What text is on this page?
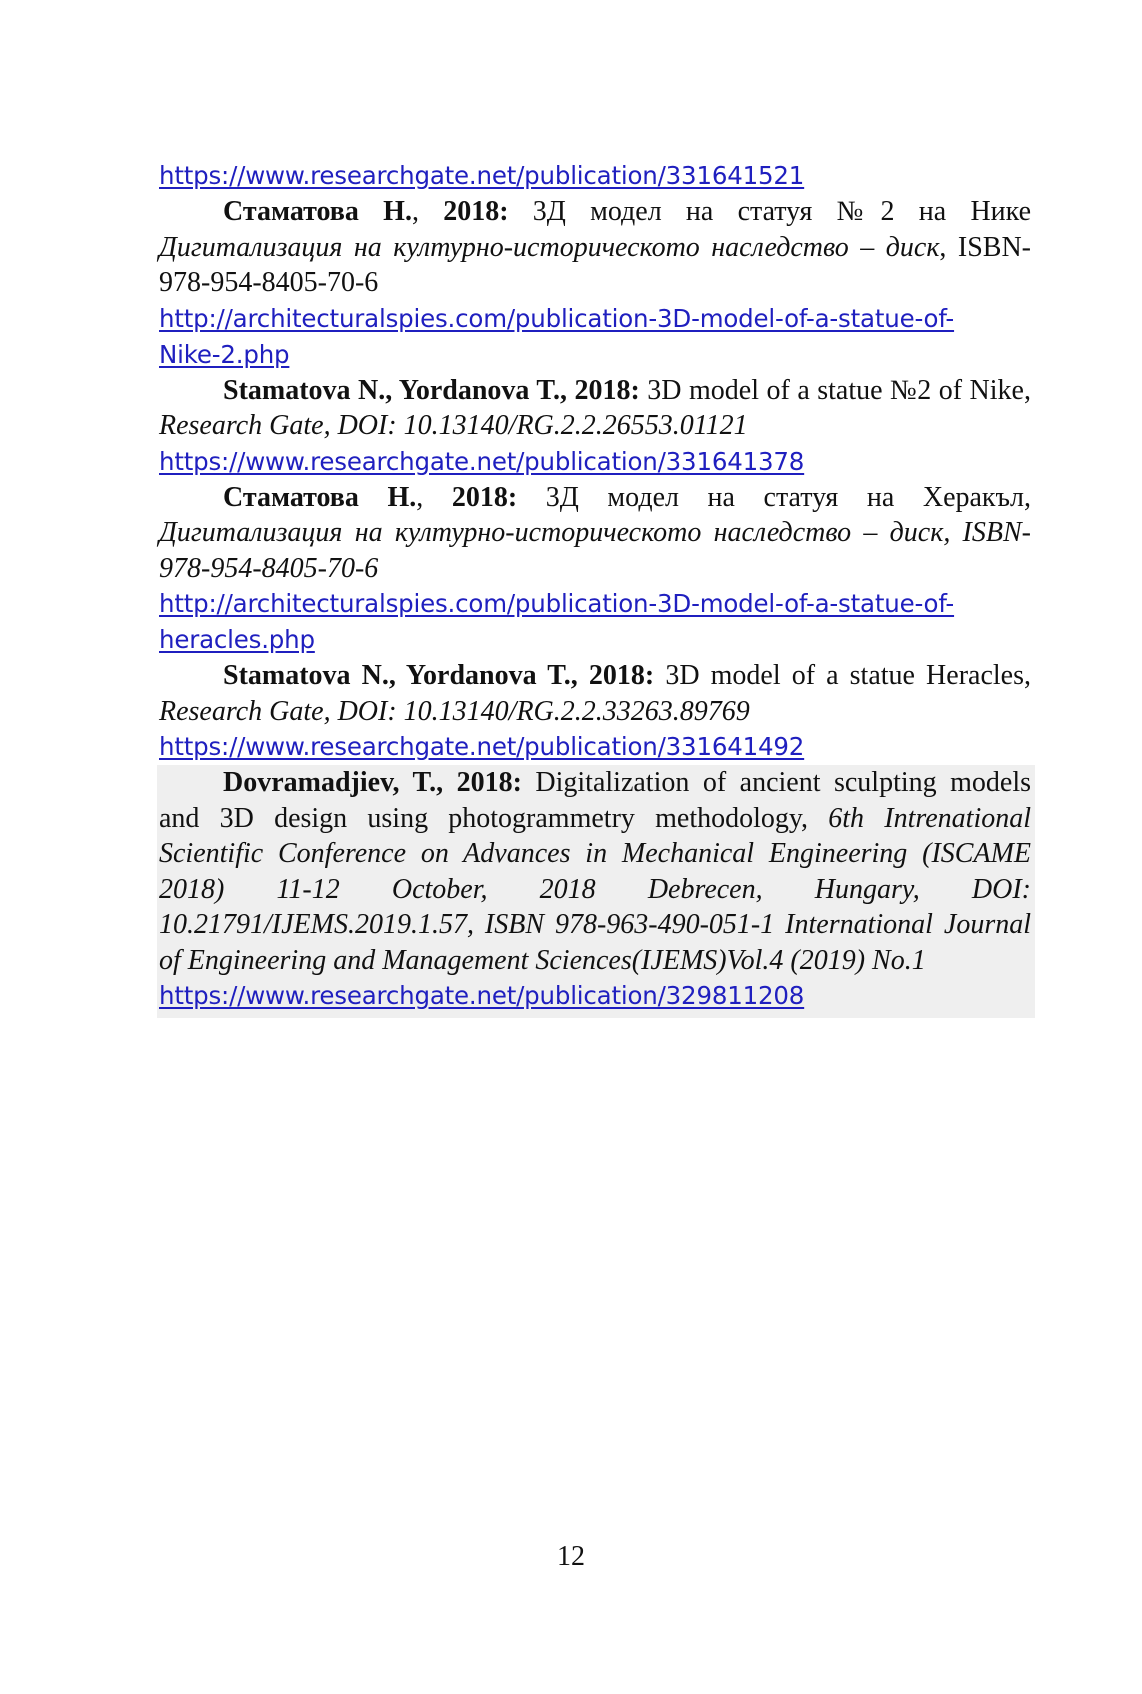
https://www.researchgate.net/publication/331641521

Стаматова Н., 2018: 3Д модел на статуя №2 на Нике Дигитализация на културно-историческото наследство – диск, ISBN-978-954-8405-70-6

http://architecturalspies.com/publication-3D-model-of-a-statue-of-
Nike-2.php

Stamatova N., Yordanova T., 2018: 3D model of a statue №2 of Nike, Research Gate, DOI: 10.13140/RG.2.2.26553.01121

https://www.researchgate.net/publication/331641378

Стаматова Н., 2018: 3Д модел на статуя на Херакъл, Дигитализация на културно-историческото наследство – диск, ISBN-978-954-8405-70-6

http://architecturalspies.com/publication-3D-model-of-a-statue-of-
heracles.php

Stamatova N., Yordanova T., 2018: 3D model of a statue Heracles, Research Gate, DOI: 10.13140/RG.2.2.33263.89769

https://www.researchgate.net/publication/331641492

Dovramadjiev, T., 2018: Digitalization of ancient sculpting models and 3D design using photogrammetry methodology, 6th Intrenational Scientific Conference on Advances in Mechanical Engineering (ISCAME 2018) 11-12 October, 2018 Debrecen, Hungary, DOI: 10.21791/IJEMS.2019.1.57, ISBN 978-963-490-051-1 International Journal of Engineering and Management Sciences(IJEMS)Vol.4 (2019) No.1

https://www.researchgate.net/publication/329811208
12
